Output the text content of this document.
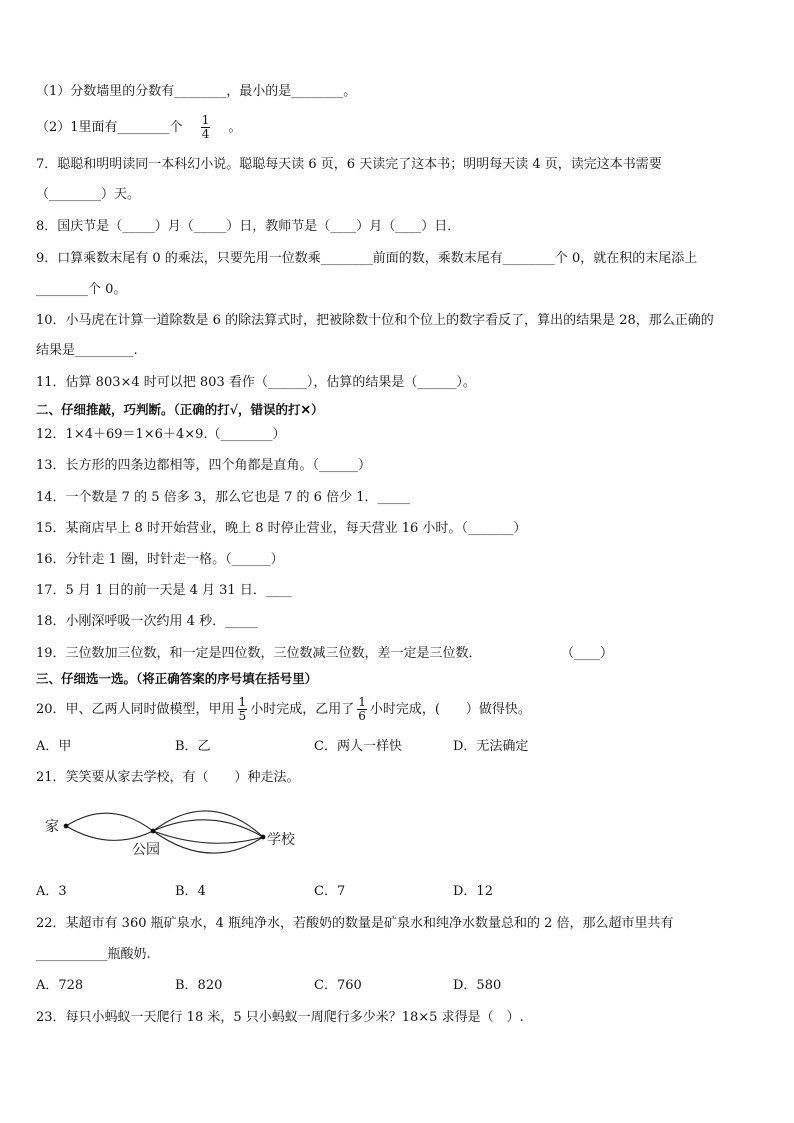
（1）分数墙里的分数有________，最小的是________。
（2）1里面有________个 $\frac{1}{4}$ 。
7．聪聪和明明读同一本科幻小说。聪聪每天读 6 页，6 天读完了这本书；明明每天读 4 页，读完这本书需要
（________）天。
8．国庆节是（_____）月（_____）日，教师节是（____）月（____）日．
9．口算乘数末尾有 0 的乘法，只要先用一位数乘________前面的数，乘数末尾有________个 0，就在积的末尾添上
________个 0。
10．小马虎在计算一道除数是 6 的除法算式时，把被除数十位和个位上的数字看反了，算出的结果是 28，那么正确的
结果是_________.
11．估算 803×4 时可以把 803 看作（______），估算的结果是（______）。
二、仔细推敲，巧判断。（正确的打√，错误的打✕）
12．1×4＋69＝1×6＋4×9.（________）
13．长方形的四条边都相等，四个角都是直角。（______）
14．一个数是 7 的 5 倍多 3，那么它也是 7 的 6 倍少 1．_____
15．某商店早上 8 时开始营业，晚上 8 时停止营业，每天营业 16 小时。（_______）
16．分针走 1 圈，时针走一格。（______）
17．5 月 1 日的前一天是 4 月 31 日．____
18．小刚深呼吸一次约用 4 秒．_____
19．三位数加三位数，和一定是四位数，三位数减三位数，差一定是三位数．	（____）
三、仔细选一选。（将正确答案的序号填在括号里）
20．甲、乙两人同时做模型，甲用 $\frac{1}{5}$ 小时完成，乙用了 $\frac{1}{6}$ 小时完成，(　　）做得快。
A．甲	B．乙	C．两人一样快	D．无法确定
21．笑笑要从家去学校，有（　　）种走法。
家
公园
学校
A．3	B．4	C．7	D．12
22．某超市有 360 瓶矿泉水，4 瓶纯净水，若酸奶的数量是矿泉水和纯净水数量总和的 2 倍，那么超市里共有
___________瓶酸奶.
A．728	B．820	C．760	D．580
23．每只小蚂蚁一天爬行 18 米，5 只小蚂蚁一周爬行多少米？18×5 求得是（　）.
